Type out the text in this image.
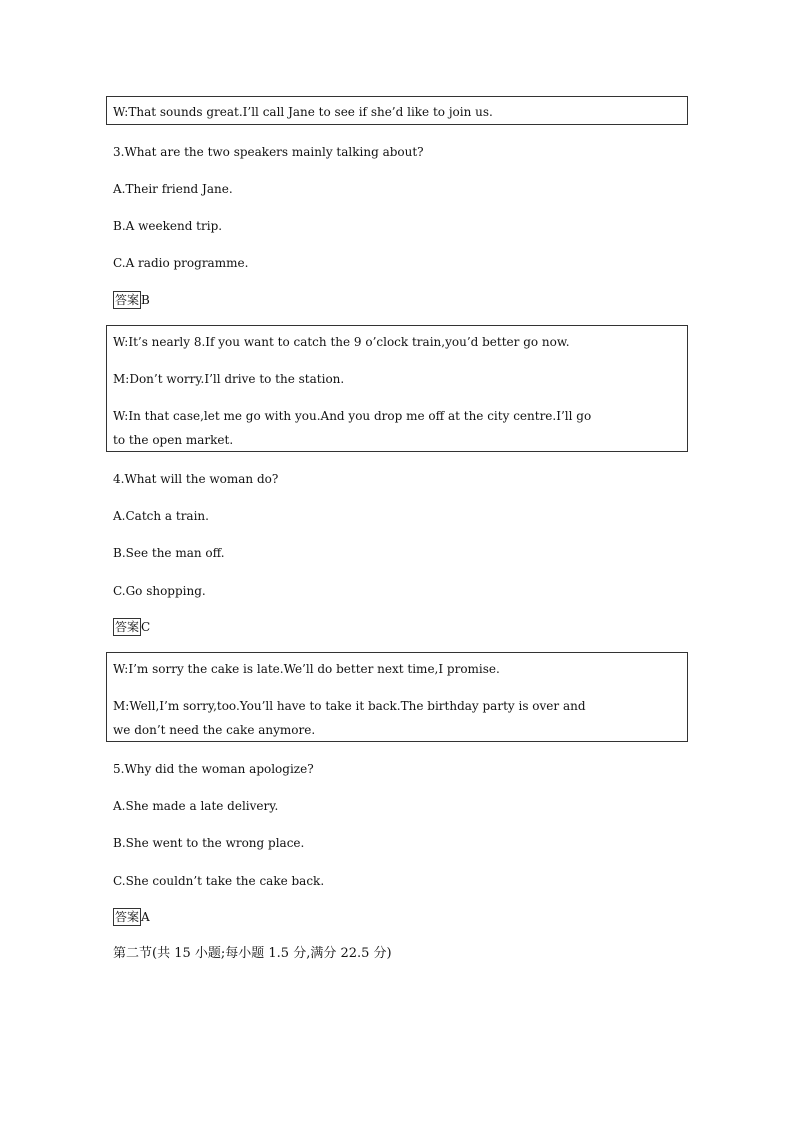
W:That sounds great.I’ll call Jane to see if she’d like to join us.
3.What are the two speakers mainly talking about?
A.Their friend Jane.
B.A weekend trip.
C.A radio programme.
答案 B
W:It’s nearly 8.If you want to catch the 9 o’clock train,you’d better go now.
M:Don’t worry.I’ll drive to the station.
W:In that case,let me go with you.And you drop me off at the city centre.I’ll go
to the open market.
4.What will the woman do?
A.Catch a train.
B.See the man off.
C.Go shopping.
答案 C
W:I’m sorry the cake is late.We’ll do better next time,I promise.
M:Well,I’m sorry,too.You’ll have to take it back.The birthday party is over and
we don’t need the cake anymore.
5.Why did the woman apologize?
A.She made a late delivery.
B.She went to the wrong place.
C.She couldn’t take the cake back.
答案 A
第二节(共 15 小题;每小题 1.5 分,满分 22.5 分)
